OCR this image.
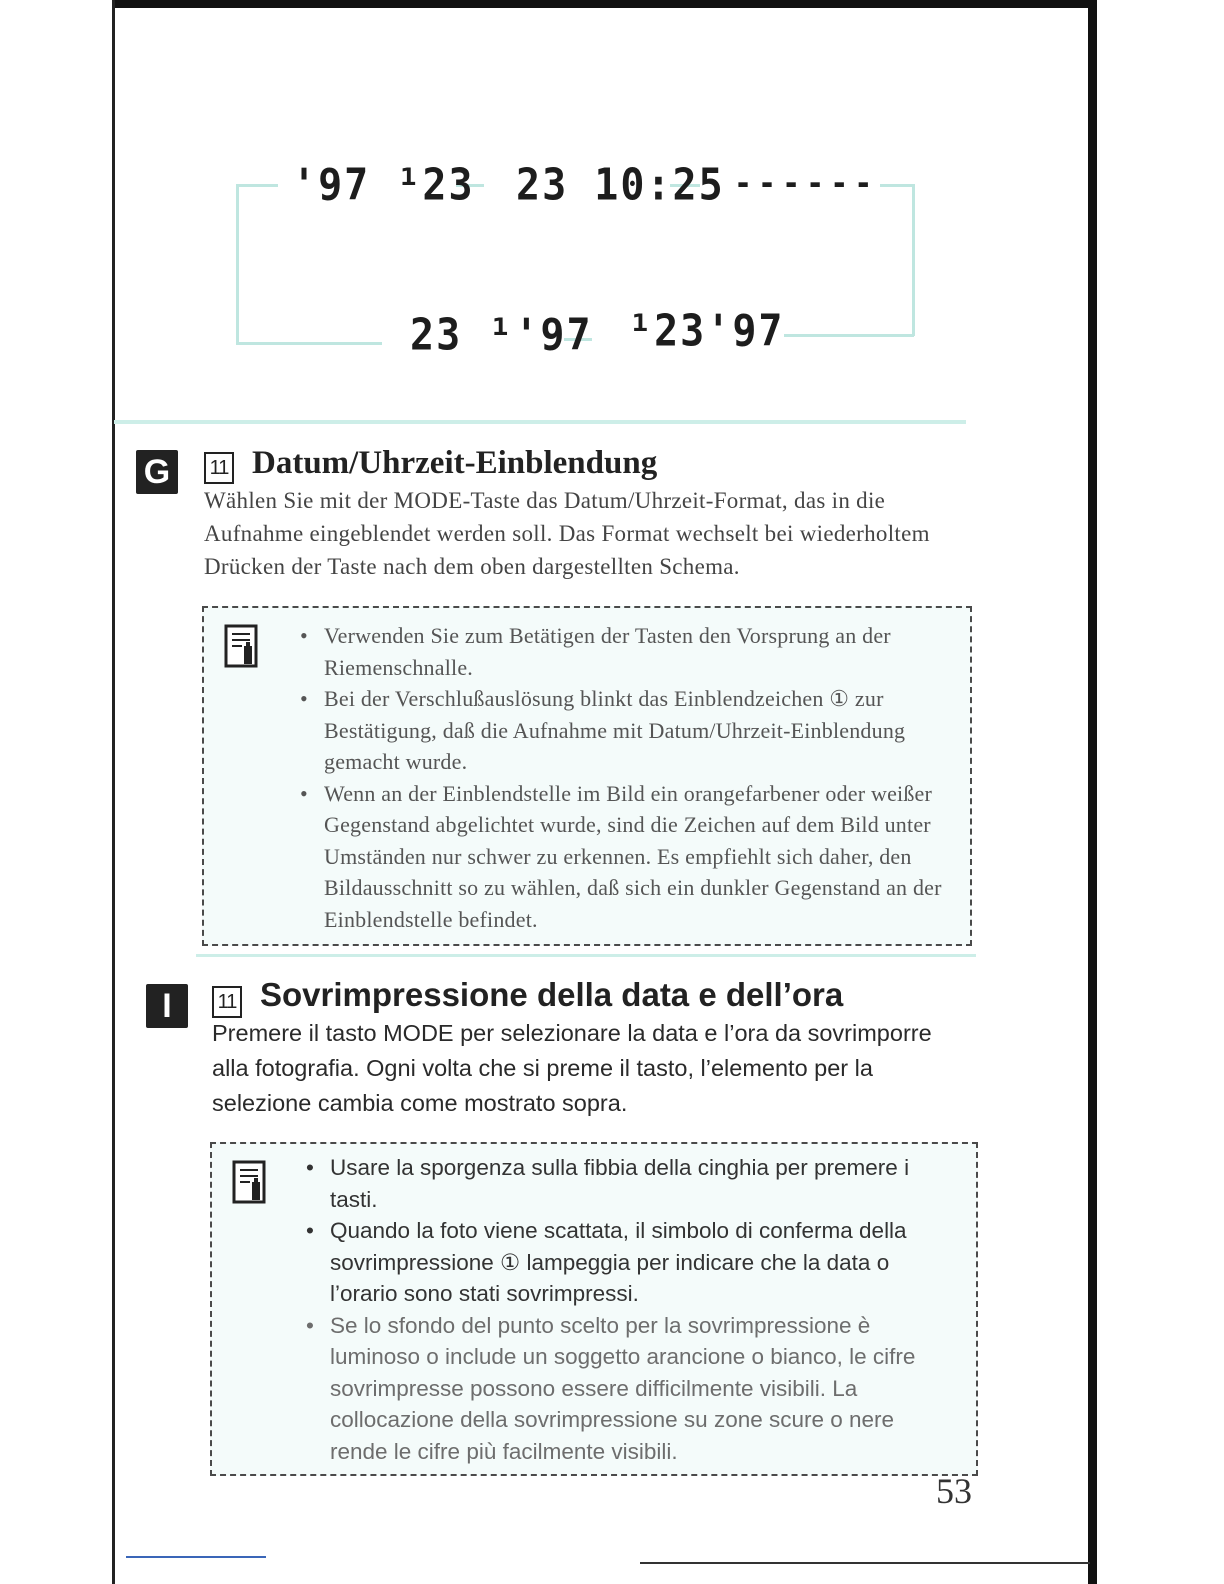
'97 ¹23 23 10:25 ------
23 ¹'97 ¹23'97
G	11 Datum/Uhrzeit-Einblendung

Wählen Sie mit der MODE-Taste das Datum/Uhrzeit-Format, das in die Aufnahme eingeblendet werden soll. Das Format wechselt bei wiederholtem Drücken der Taste nach dem oben dargestellten Schema.

• Verwenden Sie zum Betätigen der Tasten den Vorsprung an der Riemenschnalle.
• Bei der Verschlußauslösung blinkt das Einblendzeichen ① zur Bestätigung, daß die Aufnahme mit Datum/Uhrzeit-Einblendung gemacht wurde.
• Wenn an der Einblendstelle im Bild ein orangefarbener oder weißer Gegenstand abgelichtet wurde, sind die Zeichen auf dem Bild unter Umständen nur schwer zu erkennen. Es empfiehlt sich daher, den Bildausschnitt so zu wählen, daß sich ein dunkler Gegenstand an der Einblendstelle befindet.
I	11 Sovrimpressione della data e dell’ora

Premere il tasto MODE per selezionare la data e l’ora da sovrimporre alla fotografia. Ogni volta che si preme il tasto, l’elemento per la selezione cambia come mostrato sopra.

• Usare la sporgenza sulla fibbia della cinghia per premere i tasti.
• Quando la foto viene scattata, il simbolo di conferma della sovrimpressione ① lampeggia per indicare che la data o l’orario sono stati sovrimpressi.
• Se lo sfondo del punto scelto per la sovrimpressione è luminoso o include un soggetto arancione o bianco, le cifre sovrimpresse possono essere difficilmente visibili. La collocazione della sovrimpressione su zone scure o nere rende le cifre più facilmente visibili.
53
